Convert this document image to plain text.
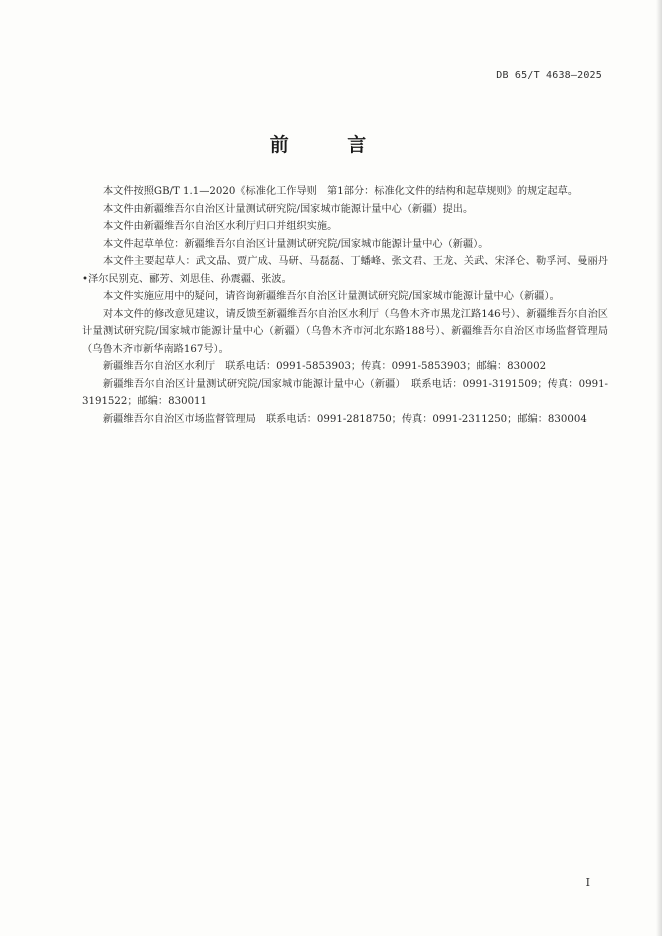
DB 65/T 4638—2025
前 言

本文件按照GB/T 1.1—2020《标准化工作导则　第1部分：标准化文件的结构和起草规则》的规定起草。

本文件由新疆维吾尔自治区计量测试研究院/国家城市能源计量中心（新疆）提出。

本文件由新疆维吾尔自治区水利厅归口并组织实施。

本文件起草单位：新疆维吾尔自治区计量测试研究院/国家城市能源计量中心（新疆）。

本文件主要起草人：武文晶、贾广成、马研、马磊磊、丁蟠峰、张文君、王龙、关武、宋泽仑、勒孚河、曼丽丹•泽尔民别克、郦芳、刘思佳、孙震疆、张波。

本文件实施应用中的疑问，请咨询新疆维吾尔自治区计量测试研究院/国家城市能源计量中心（新疆）。

对本文件的修改意见建议，请反馈至新疆维吾尔自治区水利厅（乌鲁木齐市黑龙江路146号）、新疆维吾尔自治区计量测试研究院/国家城市能源计量中心（新疆）（乌鲁木齐市河北东路188号）、新疆维吾尔自治区市场监督管理局（乌鲁木齐市新华南路167号）。

新疆维吾尔自治区水利厅　联系电话：0991-5853903；传真：0991-5853903；邮编：830002

新疆维吾尔自治区计量测试研究院/国家城市能源计量中心（新疆）　联系电话：0991-3191509；传真：0991-3191522；邮编：830011

新疆维吾尔自治区市场监督管理局　联系电话：0991-2818750；传真：0991-2311250；邮编：830004

I
